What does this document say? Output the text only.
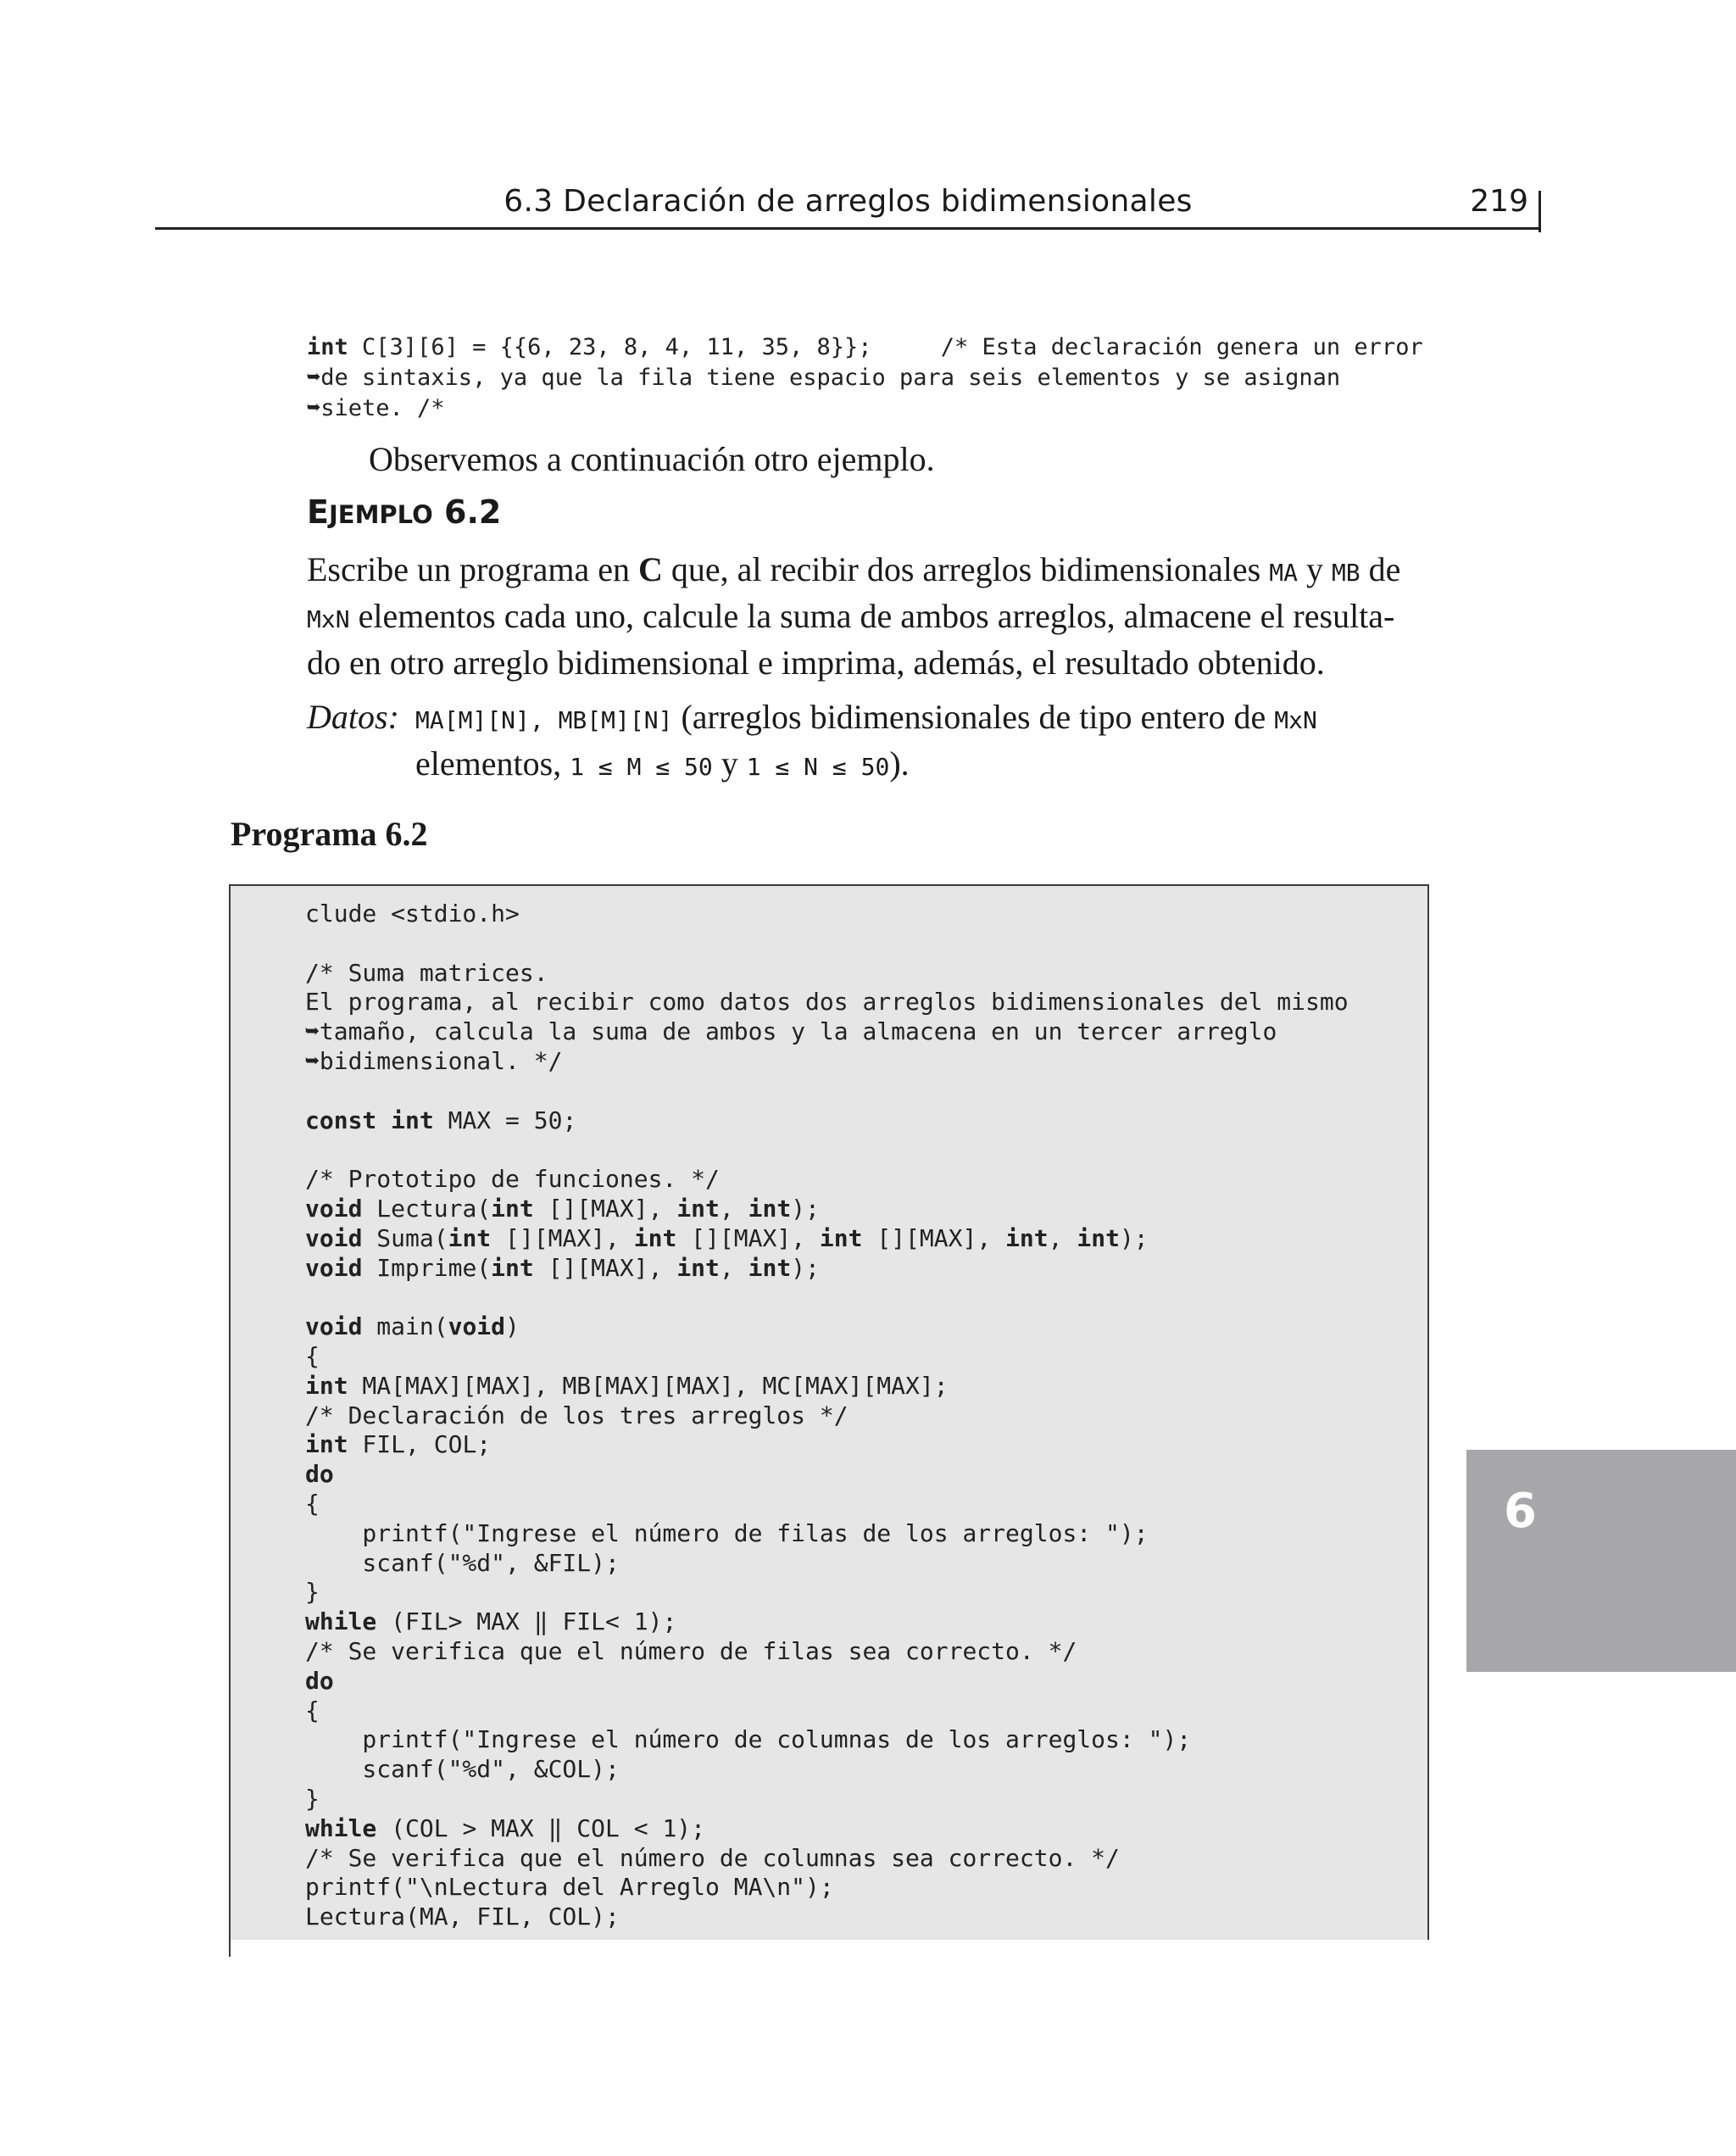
6.3 Declaración de arreglos bidimensionales	219
int C[3][6] = {{6, 23, 8, 4, 11, 35, 8}};     /* Esta declaración genera un error
➥de sintaxis, ya que la fila tiene espacio para seis elementos y se asignan
➥siete. /*
Observemos a continuación otro ejemplo.
EJEMPLO 6.2
Escribe un programa en C que, al recibir dos arreglos bidimensionales MA y MB de
MxN elementos cada uno, calcule la suma de ambos arreglos, almacene el resulta-
do en otro arreglo bidimensional e imprima, además, el resultado obtenido.
Datos: MA[M][N], MB[M][N] (arreglos bidimensionales de tipo entero de MxN
elementos, 1 ≤ M ≤ 50 y 1 ≤ N ≤ 50).
Programa 6.2
clude <stdio.h>
/* Suma matrices.
El programa, al recibir como datos dos arreglos bidimensionales del mismo
➥tamaño, calcula la suma de ambos y la almacena en un tercer arreglo
➥bidimensional. */
const int MAX = 50;
/* Prototipo de funciones. */
void Lectura(int [][MAX], int, int);
void Suma(int [][MAX], int [][MAX], int [][MAX], int, int);
void Imprime(int [][MAX], int, int);
void main(void)
{
int MA[MAX][MAX], MB[MAX][MAX], MC[MAX][MAX];
/* Declaración de los tres arreglos */
int FIL, COL;
do
{
printf("Ingrese el número de filas de los arreglos: ");
scanf("%d", &FIL);
}
while (FIL> MAX ‖ FIL< 1);
/* Se verifica que el número de filas sea correcto. */
do
{
printf("Ingrese el número de columnas de los arreglos: ");
scanf("%d", &COL);
}
while (COL > MAX ‖ COL < 1);
/* Se verifica que el número de columnas sea correcto. */
printf("\nLectura del Arreglo MA\n");
Lectura(MA, FIL, COL);
6
